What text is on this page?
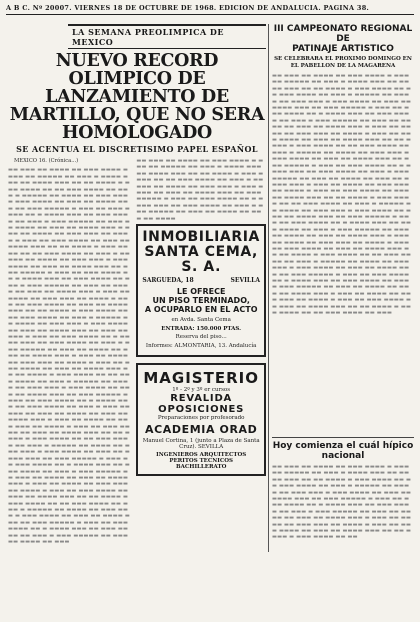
A B C. Nº 20007. VIERNES 18 DE OCTUBRE DE 1968. EDICION DE ANDALUCIA. PAGINA 38.
LA SEMANA PREOLIMPICA DE MEXICO
NUEVO RECORD OLIMPICO DE LANZAMIENTO DE
MARTILLO, QUE NO SERA HOMOLOGADO
SE ACENTUA EL DISCRETISIMO PAPEL ESPAÑOL

MEXICO 16. (Crónica...)

▬▬ ▬▬▬ ▬▬ ▬▬▬▬ ▬▬ ▬▬▬ ▬▬▬▬ ▬ ▬▬▬ ▬▬ ▬▬▬▬▬ ▬▬ ▬▬▬ ▬ ▬▬▬▬ ▬▬▬ ▬▬ ▬▬▬▬ ▬▬▬ ▬▬ ▬▬ ▬▬▬▬ ▬ ▬▬▬ ▬▬▬▬ ▬▬ ▬▬ ▬▬▬ ▬▬▬▬ ▬▬ ▬▬▬ ▬ ▬▬▬▬▬ ▬▬ ▬▬▬▬ ▬▬ ▬▬▬ ▬▬▬ ▬ ▬▬▬ ▬▬▬▬ ▬▬ ▬▬▬ ▬▬ ▬▬▬▬ ▬▬▬ ▬▬ ▬▬▬ ▬▬▬▬▬ ▬ ▬▬▬ ▬▬ ▬▬▬ ▬▬▬▬ ▬▬ ▬ ▬▬▬▬ ▬▬▬ ▬▬ ▬▬▬ ▬▬▬▬ ▬▬ ▬▬▬ ▬ ▬▬▬ ▬▬▬▬▬ ▬▬ ▬▬▬ ▬▬ ▬▬▬▬ ▬▬ ▬▬▬ ▬▬ ▬▬▬▬ ▬▬▬ ▬ ▬▬▬ ▬▬ ▬▬▬▬ ▬▬ ▬▬▬ ▬▬▬ ▬▬ ▬▬▬▬ ▬ ▬▬▬ ▬▬ ▬▬▬ ▬▬▬▬ ▬▬ ▬▬▬ ▬▬ ▬▬▬▬ ▬▬▬ ▬▬ ▬▬ ▬▬▬▬ ▬ ▬▬▬ ▬▬▬▬ ▬▬ ▬▬ ▬▬▬ ▬▬▬▬ ▬▬ ▬▬▬ ▬ ▬▬▬▬▬ ▬▬ ▬▬▬▬ ▬▬ ▬▬▬ ▬▬▬ ▬ ▬▬▬ ▬▬▬▬ ▬▬ ▬▬▬ ▬▬ ▬▬▬▬ ▬▬▬ ▬▬ ▬▬▬ ▬▬▬▬▬ ▬ ▬▬▬ ▬▬ ▬▬▬ ▬▬▬▬ ▬▬ ▬ ▬▬▬▬ ▬▬▬ ▬▬ ▬▬▬ ▬▬▬▬ ▬▬ ▬▬▬ ▬ ▬▬▬ ▬▬▬▬▬ ▬▬ ▬▬▬ ▬▬ ▬▬▬▬ ▬▬ ▬▬▬ ▬▬ ▬▬▬▬ ▬▬▬ ▬ ▬▬▬ ▬▬ ▬▬▬▬ ▬▬ ▬▬▬ ▬▬▬ ▬▬ ▬▬▬▬ ▬ ▬▬▬ ▬▬ ▬▬▬ ▬▬▬▬ ▬▬ ▬▬▬ ▬▬ ▬▬▬▬ ▬▬▬ ▬▬ ▬▬ ▬▬▬▬ ▬ ▬▬▬ ▬▬▬▬ ▬▬ ▬▬ ▬▬▬ ▬▬▬▬ ▬▬ ▬▬▬ ▬ ▬▬▬▬▬ ▬▬ ▬▬▬▬ ▬▬ ▬▬▬ ▬▬▬ ▬ ▬▬▬ ▬▬▬▬ ▬▬ ▬▬▬ ▬▬ ▬▬▬▬ ▬▬▬ ▬▬ ▬▬▬ ▬▬▬▬▬ ▬ ▬▬▬ ▬▬ ▬▬▬ ▬▬▬▬ ▬▬ ▬ ▬▬▬▬ ▬▬▬ ▬▬ ▬▬▬ ▬▬▬▬ ▬▬ ▬▬▬ ▬ ▬▬▬ ▬▬▬▬▬ ▬▬ ▬▬▬ ▬▬ ▬▬▬▬ ▬▬ ▬▬▬ ▬▬ ▬▬▬▬ ▬▬▬ ▬ ▬▬▬ ▬▬ ▬▬▬▬ ▬▬ ▬▬▬ ▬▬▬ ▬▬ ▬▬▬▬ ▬ ▬▬▬ ▬▬ ▬▬▬ ▬▬▬▬ ▬▬ ▬▬▬ ▬▬ ▬▬▬▬ ▬▬▬ ▬▬ ▬▬ ▬▬▬▬ ▬ ▬▬▬ ▬▬▬▬ ▬▬ ▬▬ ▬▬▬ ▬▬▬▬ ▬▬ ▬▬▬ ▬ ▬▬▬▬▬ ▬▬ ▬▬▬▬ ▬▬ ▬▬▬ ▬▬▬ ▬ ▬▬▬ ▬▬▬▬ ▬▬ ▬▬▬ ▬▬ ▬▬▬▬ ▬▬▬ ▬▬ ▬▬▬ ▬▬▬▬▬ ▬ ▬▬▬ ▬▬ ▬▬▬ ▬▬▬▬ ▬▬ ▬ ▬▬▬▬ ▬▬▬ ▬▬ ▬▬▬ ▬▬▬▬ ▬▬ ▬▬▬ ▬ ▬▬▬ ▬▬▬▬▬ ▬▬ ▬▬▬ ▬▬ ▬▬▬▬ ▬▬ ▬▬▬ ▬▬ ▬▬▬▬ ▬▬▬ ▬ ▬▬▬ ▬▬ ▬▬▬▬ ▬▬ ▬▬▬ ▬▬▬ ▬▬ ▬▬▬▬ ▬ ▬▬▬ ▬▬ ▬▬▬ ▬▬▬▬ ▬▬ ▬▬▬ ▬▬ ▬▬▬▬ ▬▬▬ ▬▬ ▬▬ ▬▬▬▬ ▬ ▬▬▬ ▬▬▬▬ ▬▬ ▬▬ ▬▬▬ ▬▬▬▬ ▬▬ ▬▬▬ ▬ ▬▬▬▬▬ ▬▬ ▬▬▬▬ ▬▬ ▬▬▬ ▬▬▬ ▬ ▬▬▬ ▬▬▬▬ ▬▬ ▬▬▬ ▬▬ ▬▬▬▬ ▬▬▬ ▬▬ ▬▬▬ ▬▬▬▬▬ ▬ ▬▬▬ ▬▬ ▬▬▬ ▬▬▬▬ ▬▬ ▬ ▬▬▬▬ ▬▬▬ ▬▬ ▬▬▬ ▬▬▬▬ ▬▬ ▬▬▬ ▬ ▬▬▬ ▬▬▬▬▬ ▬▬ ▬▬▬ ▬▬ ▬▬▬▬ ▬▬ ▬▬▬ ▬▬ ▬▬▬▬ ▬▬▬ ▬ ▬▬▬ ▬▬ ▬▬▬▬ ▬▬ ▬▬▬ ▬▬▬ ▬▬ ▬▬▬▬ ▬ ▬▬▬ ▬▬ ▬▬▬ ▬▬▬▬ ▬▬ ▬▬▬ ▬▬ ▬▬▬▬ ▬▬▬ ▬▬ ▬▬ ▬▬▬▬ ▬ ▬▬▬ ▬▬▬▬ ▬▬ ▬▬ ▬▬▬ ▬▬▬▬ ▬▬ ▬▬▬ ▬ ▬▬▬▬▬ ▬▬ ▬▬▬▬ ▬▬ ▬▬▬ ▬▬▬ ▬ ▬▬▬ ▬▬▬▬ ▬▬ ▬▬▬ ▬▬ ▬▬▬▬ ▬▬▬ ▬▬ ▬▬▬ ▬▬▬▬▬ ▬ ▬▬▬ ▬▬ ▬▬▬ ▬▬▬▬ ▬▬ ▬ ▬▬▬▬ ▬▬▬ ▬▬ ▬▬▬ ▬▬▬▬ ▬▬ ▬▬▬ ▬ ▬▬▬ ▬▬▬▬▬ ▬▬ ▬▬▬ ▬▬ ▬▬▬▬ ▬▬ ▬▬▬
▬▬ ▬▬▬ ▬▬ ▬▬▬▬ ▬▬ ▬▬▬ ▬▬▬▬ ▬ ▬▬▬ ▬▬ ▬▬▬▬▬ ▬▬ ▬▬▬ ▬ ▬▬▬▬ ▬▬▬ ▬▬ ▬▬▬▬ ▬▬▬ ▬▬ ▬▬ ▬▬▬▬ ▬ ▬▬▬ ▬▬▬▬ ▬▬ ▬▬ ▬▬▬ ▬▬▬▬ ▬▬ ▬▬▬ ▬ ▬▬▬▬▬ ▬▬ ▬▬▬▬ ▬▬ ▬▬▬ ▬▬▬ ▬ ▬▬▬ ▬▬▬▬ ▬▬ ▬▬▬ ▬▬ ▬▬▬▬ ▬▬▬ ▬▬ ▬▬▬ ▬▬▬▬▬ ▬ ▬▬▬ ▬▬ ▬▬▬ ▬▬▬▬ ▬▬ ▬ ▬▬▬▬ ▬▬▬ ▬▬ ▬▬▬ ▬▬▬▬ ▬▬ ▬▬▬ ▬ ▬▬▬ ▬▬▬▬▬ ▬▬ ▬▬▬ ▬▬ ▬▬▬▬ ▬▬ ▬▬▬ ▬▬ ▬▬▬▬
INMOBILIARIA
SANTA CEMA,
S. A.
SARGUEDA, 18	SEVILLA
LE OFRECE
UN PISO TERMINADO,
A OCUPARLO EN EL ACTO
en Avda. Santa Cema
ENTRADA: 150.000 PTAS.
Reserva del piso...
Informes: ALMONTARIA, 13. Andalucía
MAGISTERIO
1º - 2º y 3º er cursos
REVALIDA
OPOSICIONES
Preparaciones por profesorado
ACADEMIA ORAD
Manuel Cortina, 1 (junto a Plaza de Santa Cruz). SEVILLA
INGENIEROS ARQUITECTOS PERITOS TECNICOS
BACHILLERATO
III CAMPEONATO REGIONAL DE
PATINAJE ARTISTICO
SE CELEBRARA EL PROXIMO DOMINGO EN EL PABELLON DE LA MAGARENA
▬▬ ▬▬▬ ▬▬ ▬▬▬▬ ▬▬ ▬▬▬ ▬▬▬▬ ▬ ▬▬▬ ▬▬ ▬▬▬▬▬ ▬▬ ▬▬▬ ▬ ▬▬▬▬ ▬▬▬ ▬▬ ▬▬▬▬ ▬▬▬ ▬▬ ▬▬ ▬▬▬▬ ▬ ▬▬▬ ▬▬▬▬ ▬▬ ▬▬ ▬▬▬ ▬▬▬▬ ▬▬ ▬▬▬ ▬ ▬▬▬▬▬ ▬▬ ▬▬▬▬ ▬▬ ▬▬▬ ▬▬▬ ▬ ▬▬▬ ▬▬▬▬ ▬▬ ▬▬▬ ▬▬ ▬▬▬▬ ▬▬▬ ▬▬ ▬▬▬ ▬▬▬▬▬ ▬ ▬▬▬ ▬▬ ▬▬▬ ▬▬▬▬ ▬▬ ▬ ▬▬▬▬ ▬▬▬ ▬▬ ▬▬▬ ▬▬▬▬ ▬▬ ▬▬▬ ▬ ▬▬▬ ▬▬▬▬▬ ▬▬ ▬▬▬ ▬▬ ▬▬▬▬ ▬▬ ▬▬▬ ▬▬ ▬▬▬▬ ▬▬▬ ▬ ▬▬▬ ▬▬ ▬▬▬▬ ▬▬ ▬▬▬ ▬▬▬ ▬▬ ▬▬▬▬ ▬ ▬▬▬ ▬▬ ▬▬▬ ▬▬▬▬ ▬▬ ▬▬▬ ▬▬ ▬▬▬▬ ▬▬▬ ▬▬ ▬▬ ▬▬▬▬ ▬ ▬▬▬ ▬▬▬▬ ▬▬ ▬▬ ▬▬▬ ▬▬▬▬ ▬▬ ▬▬▬ ▬ ▬▬▬▬▬ ▬▬ ▬▬▬▬ ▬▬ ▬▬▬ ▬▬▬ ▬ ▬▬▬ ▬▬▬▬ ▬▬ ▬▬▬ ▬▬ ▬▬▬▬ ▬▬▬ ▬▬ ▬▬▬ ▬▬▬▬▬ ▬ ▬▬▬ ▬▬ ▬▬▬ ▬▬▬▬ ▬▬ ▬ ▬▬▬▬ ▬▬▬ ▬▬ ▬▬▬ ▬▬▬▬ ▬▬ ▬▬▬ ▬ ▬▬▬ ▬▬▬▬▬ ▬▬ ▬▬▬ ▬▬ ▬▬▬▬ ▬▬ ▬▬▬ ▬▬ ▬▬▬▬ ▬▬▬ ▬ ▬▬▬ ▬▬ ▬▬▬▬ ▬▬ ▬▬▬ ▬▬▬ ▬▬ ▬▬▬▬ ▬ ▬▬▬ ▬▬ ▬▬▬ ▬▬▬▬ ▬▬ ▬▬▬ ▬▬ ▬▬▬▬ ▬▬▬ ▬▬ ▬▬ ▬▬▬▬ ▬ ▬▬▬ ▬▬▬▬ ▬▬ ▬▬ ▬▬▬ ▬▬▬▬ ▬▬ ▬▬▬ ▬ ▬▬▬▬▬ ▬▬ ▬▬▬▬ ▬▬ ▬▬▬ ▬▬▬ ▬ ▬▬▬ ▬▬▬▬ ▬▬ ▬▬▬ ▬▬ ▬▬▬▬ ▬▬▬ ▬▬ ▬▬▬ ▬▬▬▬▬ ▬ ▬▬▬ ▬▬ ▬▬▬ ▬▬▬▬ ▬▬ ▬ ▬▬▬▬ ▬▬▬ ▬▬ ▬▬▬ ▬▬▬▬ ▬▬ ▬▬▬ ▬ ▬▬▬ ▬▬▬▬▬ ▬▬ ▬▬▬ ▬▬ ▬▬▬▬ ▬▬ ▬▬▬ ▬▬ ▬▬▬▬ ▬▬▬ ▬ ▬▬▬ ▬▬ ▬▬▬▬ ▬▬ ▬▬▬ ▬▬▬ ▬▬ ▬▬▬▬ ▬ ▬▬▬ ▬▬ ▬▬▬ ▬▬▬▬ ▬▬ ▬▬▬ ▬▬ ▬▬▬▬ ▬▬▬ ▬▬ ▬▬ ▬▬▬▬ ▬ ▬▬▬ ▬▬▬▬ ▬▬ ▬▬ ▬▬▬ ▬▬▬▬ ▬▬ ▬▬▬ ▬ ▬▬▬▬▬ ▬▬ ▬▬▬▬ ▬▬ ▬▬▬ ▬▬▬ ▬ ▬▬▬ ▬▬▬▬ ▬▬ ▬▬▬ ▬▬ ▬▬▬▬ ▬▬▬ ▬▬ ▬▬▬ ▬▬▬▬▬ ▬ ▬▬▬ ▬▬ ▬▬▬ ▬▬▬▬ ▬▬ ▬ ▬▬▬▬ ▬▬▬ ▬▬ ▬▬▬ ▬▬▬▬ ▬▬ ▬▬▬ ▬ ▬▬▬ ▬▬▬▬▬ ▬▬ ▬▬▬ ▬▬ ▬▬▬▬ ▬▬ ▬▬▬ ▬▬ ▬▬▬▬ ▬▬▬ ▬ ▬▬▬ ▬▬ ▬▬▬▬ ▬▬ ▬▬▬ ▬▬▬ ▬▬ ▬▬▬▬ ▬ ▬▬▬ ▬▬ ▬▬▬ ▬▬▬▬ ▬▬ ▬▬▬ ▬▬ ▬▬▬▬ ▬▬▬ ▬▬ ▬▬ ▬▬▬▬ ▬ ▬▬▬ ▬▬▬▬ ▬▬ ▬▬ ▬▬▬ ▬▬▬▬ ▬▬ ▬▬▬
Hoy comienza el cuál hípico
nacional
▬▬ ▬▬▬ ▬▬ ▬▬▬▬ ▬▬ ▬▬▬ ▬▬▬▬ ▬ ▬▬▬ ▬▬ ▬▬▬▬▬ ▬▬ ▬▬▬ ▬ ▬▬▬▬ ▬▬▬ ▬▬ ▬▬▬▬ ▬▬▬ ▬▬ ▬▬ ▬▬▬▬ ▬ ▬▬▬ ▬▬▬▬ ▬▬ ▬▬ ▬▬▬ ▬▬▬▬ ▬▬ ▬▬▬ ▬ ▬▬▬▬▬ ▬▬ ▬▬▬▬ ▬▬ ▬▬▬ ▬▬▬ ▬ ▬▬▬ ▬▬▬▬ ▬▬ ▬▬▬ ▬▬ ▬▬▬▬ ▬▬▬ ▬▬ ▬▬▬ ▬▬▬▬▬ ▬ ▬▬▬ ▬▬ ▬▬▬ ▬▬▬▬ ▬▬ ▬ ▬▬▬▬ ▬▬▬ ▬▬ ▬▬▬ ▬▬▬▬ ▬▬ ▬▬▬ ▬ ▬▬▬ ▬▬▬▬▬ ▬▬ ▬▬▬ ▬▬ ▬▬▬▬ ▬▬ ▬▬▬ ▬▬ ▬▬▬▬ ▬▬▬ ▬ ▬▬▬ ▬▬ ▬▬▬▬ ▬▬ ▬▬▬ ▬▬▬ ▬▬ ▬▬▬▬ ▬ ▬▬▬ ▬▬ ▬▬▬ ▬▬▬▬ ▬▬ ▬▬▬ ▬▬ ▬▬▬▬ ▬▬▬ ▬▬ ▬▬ ▬▬▬▬ ▬ ▬▬▬ ▬▬▬▬ ▬▬ ▬▬
